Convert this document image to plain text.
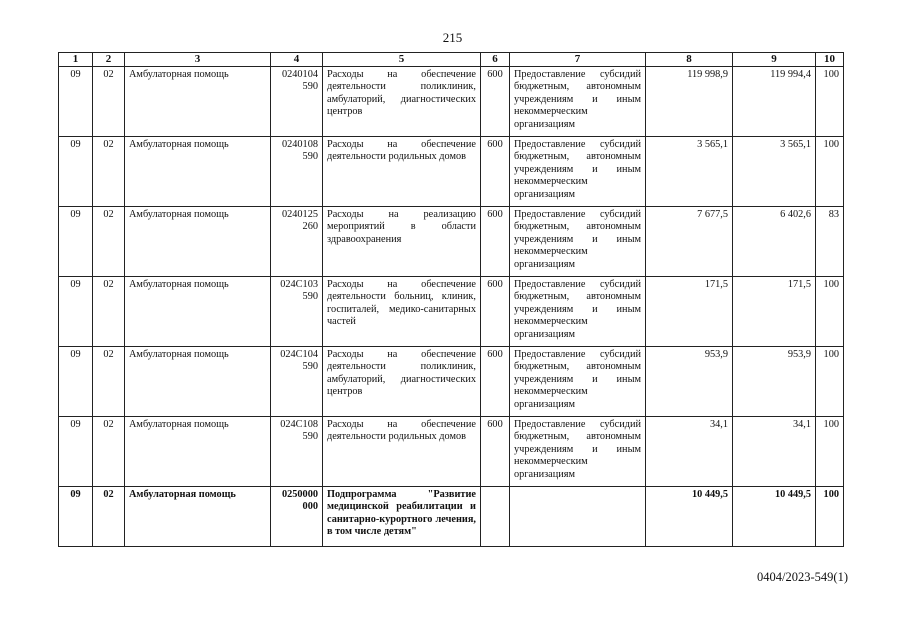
215
1	2	3	4	5	6	7	8	9	10
09	02	Амбулаторная помощь	0240104 590	Расходы на обеспечение деятельности поликлиник, амбулаторий, диагностических центров	600	Предоставление субсидий бюджетным, автономным учреждениям и иным некоммерческим организациям	119 998,9	119 994,4	100
09	02	Амбулаторная помощь	0240108 590	Расходы на обеспечение деятельности родильных домов	600	Предоставление субсидий бюджетным, автономным учреждениям и иным некоммерческим организациям	3 565,1	3 565,1	100
09	02	Амбулаторная помощь	0240125 260	Расходы на реализацию мероприятий в области здравоохранения	600	Предоставление субсидий бюджетным, автономным учреждениям и иным некоммерческим организациям	7 677,5	6 402,6	83
09	02	Амбулаторная помощь	024С103 590	Расходы на обеспечение деятельности больниц, клиник, госпиталей, медико-санитарных частей	600	Предоставление субсидий бюджетным, автономным учреждениям и иным некоммерческим организациям	171,5	171,5	100
09	02	Амбулаторная помощь	024С104 590	Расходы на обеспечение деятельности поликлиник, амбулаторий, диагностических центров	600	Предоставление субсидий бюджетным, автономным учреждениям и иным некоммерческим организациям	953,9	953,9	100
09	02	Амбулаторная помощь	024С108 590	Расходы на обеспечение деятельности родильных домов	600	Предоставление субсидий бюджетным, автономным учреждениям и иным некоммерческим организациям	34,1	34,1	100
09	02	Амбулаторная помощь	0250000 000	Подпрограмма "Развитие медицинской реабилитации и санитарно-курортного лечения, в том числе детям"			10 449,5	10 449,5	100
0404/2023-549(1)
